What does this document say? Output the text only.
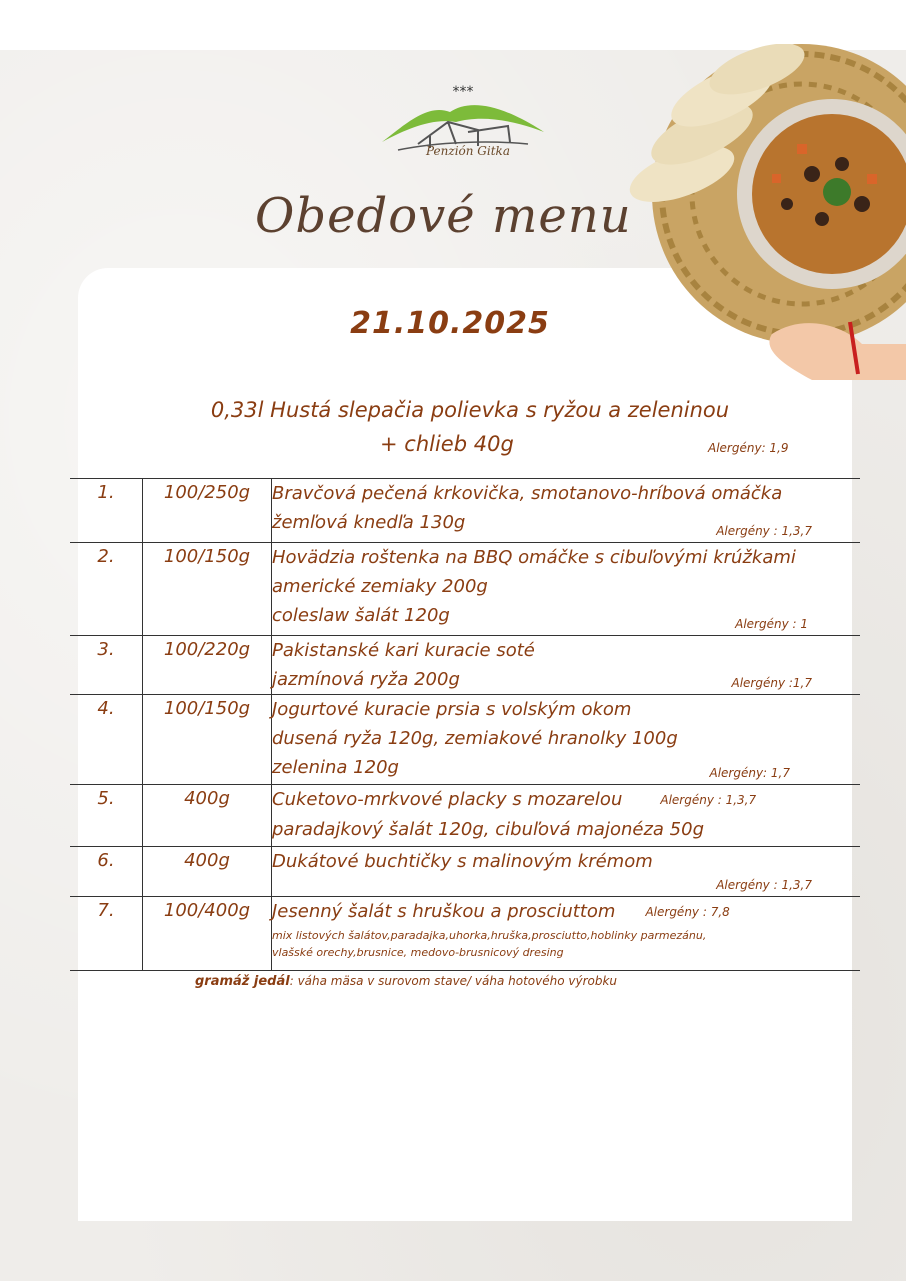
***
Penzión Gitka
Obedové menu
21.10.2025
0,33l Hustá slepačia polievka s ryžou a zeleninou
+ chlieb 40g	Alergény: 1,9
1.	100/250g	Bravčová pečená krkovička, smotanovo-hríbová omáčka
žemľová knedľa 130g Alergény : 1,3,7

2.	100/150g	Hovädzia roštenka na BBQ omáčke s cibuľovými krúžkami
americké zemiaky 200g
coleslaw šalát 120g Alergény : 1

3.	100/220g	Pakistanské kari kuracie soté
jazmínová ryža 200g Alergény :1,7

4.	100/150g	Jogurtové kuracie prsia s volským okom
dusená ryža 120g, zemiakové hranolky 100g
zelenina 120g Alergény: 1,7

5.	400g	Cuketovo-mrkvové placky s mozarelou Alergény : 1,3,7
paradajkový šalát 120g, cibuľová majonéza 50g

6.	400g	Dukátové buchtičky s malinovým krémom
Alergény : 1,3,7

7.	100/400g	Jesenný šalát s hruškou a prosciuttom Alergény : 7,8
mix listových šalátov,paradajka,uhorka,hruška,prosciutto,hoblinky parmezánu,
vlašské orechy,brusnice, medovo-brusnicový dresing
gramáž jedál: váha mäsa v surovom stave/ váha hotového výrobku
